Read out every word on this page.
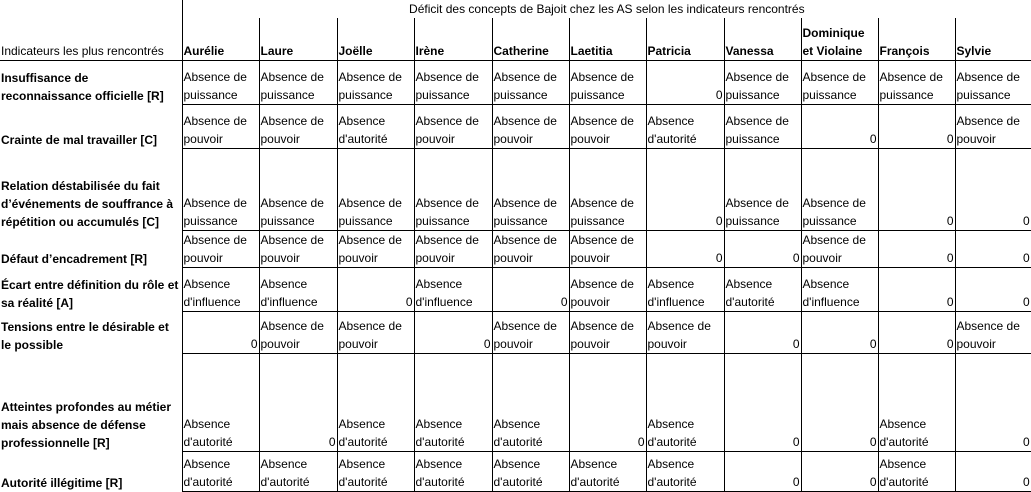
	Déficit des concepts de Bajoit chez les AS selon les indicateurs rencontrés										
Indicateurs les plus rencontrés	Aurélie	Laure	Joëlle	Irène	Catherine	Laetitia	Patricia	Vanessa	Dominique et Violaine	François	Sylvie
Insuffisance de reconnaissance officielle [R]	Absence de puissance	Absence de puissance	Absence de puissance	Absence de puissance	Absence de puissance	Absence de puissance	0	Absence de puissance	Absence de puissance	Absence de puissance	Absence de puissance
Crainte de mal travailler [C]	Absence de pouvoir	Absence de pouvoir	Absence d'autorité	Absence de pouvoir	Absence de pouvoir	Absence de pouvoir	Absence d'autorité	Absence de puissance	0	0	Absence de pouvoir
Relation déstabilisée du fait d’événements de souffrance à répétition ou accumulés [C]	Absence de puissance	Absence de puissance	Absence de puissance	Absence de puissance	Absence de puissance	Absence de puissance	0	Absence de puissance	Absence de puissance	0	0
Défaut d’encadrement [R]	Absence de pouvoir	Absence de pouvoir	Absence de pouvoir	Absence de pouvoir	Absence de pouvoir	Absence de pouvoir	0	0	Absence de pouvoir	0	0
Écart entre définition du rôle et sa réalité [A]	Absence d'influence	Absence d'influence	0	Absence d'influence	0	Absence de pouvoir	Absence d'influence	Absence d'autorité	Absence d'influence	0	0
Tensions entre le désirable et le possible	0	Absence de pouvoir	Absence de pouvoir	0	Absence de pouvoir	Absence de pouvoir	Absence de pouvoir	0	0	0	Absence de pouvoir
Atteintes profondes au métier mais absence de défense professionnelle [R]	Absence d'autorité	0	Absence d'autorité	Absence d'autorité	Absence d'autorité	0	Absence d'autorité	0	0	Absence d'autorité	0
Autorité illégitime [R]	Absence d'autorité	Absence d'autorité	Absence d'autorité	Absence d'autorité	Absence d'autorité	Absence d'autorité	Absence d'autorité	0	0	Absence d'autorité	0
